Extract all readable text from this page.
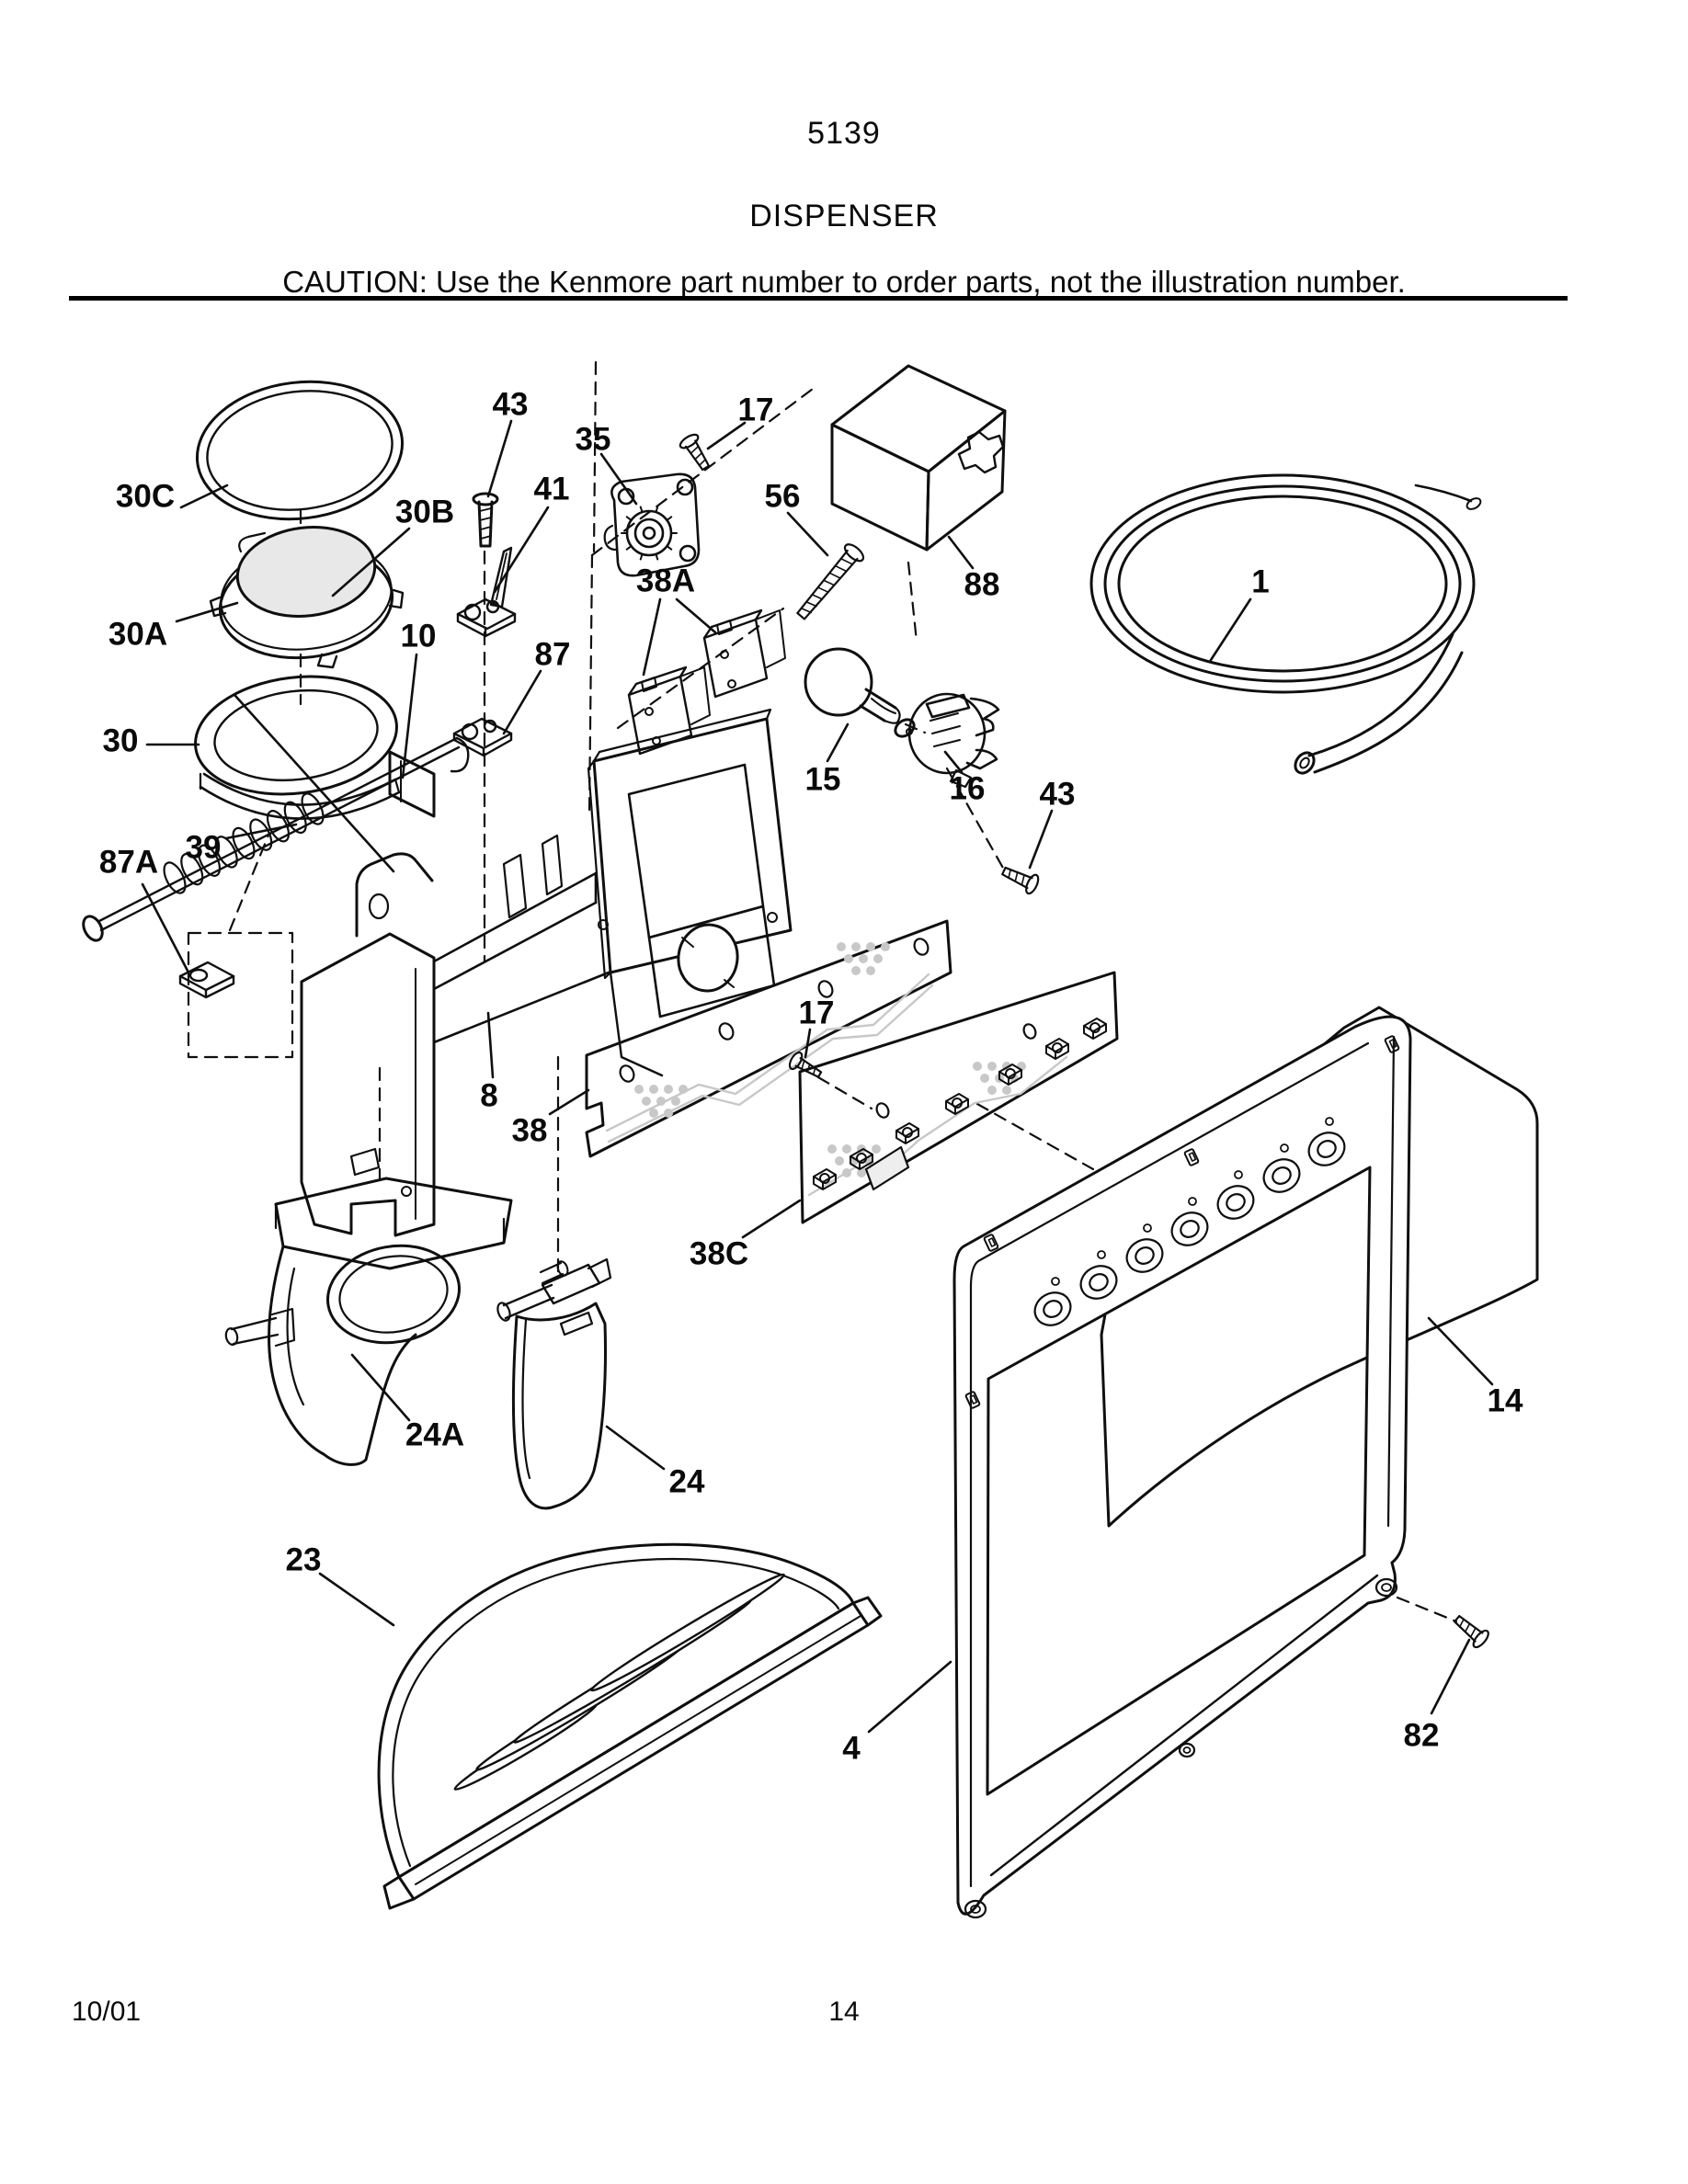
5139
DISPENSER
CAUTION: Use the Kenmore part number to order parts, not the illustration number.
43
35
17
56
88	1
30C	30B
41
38A
30A	10
87
15	16 43
30
39
87A
8
17
38
38C
24A
24
14
23
4	82
10/01	14
